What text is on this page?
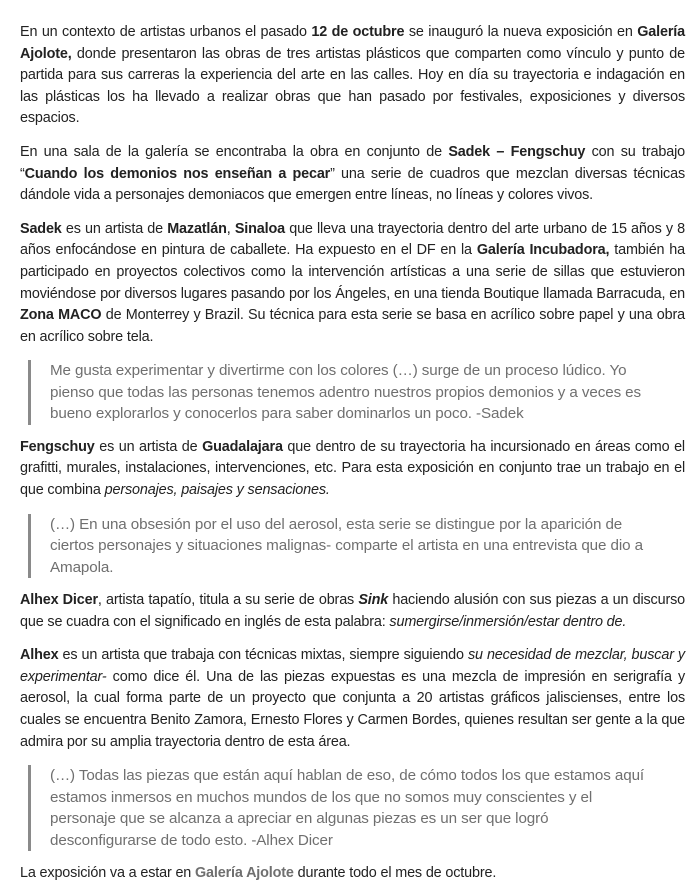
En un contexto de artistas urbanos el pasado 12 de octubre se inauguró la nueva exposición en Galería Ajolote, donde presentaron las obras de tres artistas plásticos que comparten como vínculo y punto de partida para sus carreras la experiencia del arte en las calles. Hoy en día su trayectoria e indagación en las plásticas los ha llevado a realizar obras que han pasado por festivales, exposiciones y diversos espacios.

En una sala de la galería se encontraba la obra en conjunto de Sadek – Fengschuy con su trabajo “Cuando los demonios nos enseñan a pecar” una serie de cuadros que mezclan diversas técnicas dándole vida a personajes demoniacos que emergen entre líneas, no líneas y colores vivos.

Sadek es un artista de Mazatlán, Sinaloa que lleva una trayectoria dentro del arte urbano de 15 años y 8 años enfocándose en pintura de caballete. Ha expuesto en el DF en la Galería Incubadora, también ha participado en proyectos colectivos como la intervención artísticas a una serie de sillas que estuvieron moviéndose por diversos lugares pasando por los Ángeles, en una tienda Boutique llamada Barracuda, en Zona MACO de Monterrey y Brazil. Su técnica para esta serie se basa en acrílico sobre papel y una obra en acrílico sobre tela.

Me gusta experimentar y divertirme con los colores (…) surge de un proceso lúdico. Yo pienso que todas las personas tenemos adentro nuestros propios demonios y a veces es bueno explorarlos y conocerlos para saber dominarlos un poco. -Sadek

Fengschuy es un artista de Guadalajara que dentro de su trayectoria ha incursionado en áreas como el grafitti, murales, instalaciones, intervenciones, etc. Para esta exposición en conjunto trae un trabajo en el que combina personajes, paisajes y sensaciones.

(…) En una obsesión por el uso del aerosol, esta serie se distingue por la aparición de ciertos personajes y situaciones malignas- comparte el artista en una entrevista que dio a Amapola.

Alhex Dicer, artista tapatío, titula a su serie de obras Sink haciendo alusión con sus piezas a un discurso que se cuadra con el significado en inglés de esta palabra: sumergirse/inmersión/estar dentro de.

Alhex es un artista que trabaja con técnicas mixtas, siempre siguiendo su necesidad de mezclar, buscar y experimentar- como dice él. Una de las piezas expuestas es una mezcla de impresión en serigrafía y aerosol, la cual forma parte de un proyecto que conjunta a 20 artistas gráficos jaliscienses, entre los cuales se encuentra Benito Zamora, Ernesto Flores y Carmen Bordes, quienes resultan ser gente a la que admira por su amplia trayectoria dentro de esta área.

(…) Todas las piezas que están aquí hablan de eso, de cómo todos los que estamos aquí estamos inmersos en muchos mundos de los que no somos muy conscientes y el personaje que se alcanza a apreciar en algunas piezas es un ser que logró desconfigurarse de todo esto. -Alhex Dicer

La exposición va a estar en Galería Ajolote durante todo el mes de octubre.
